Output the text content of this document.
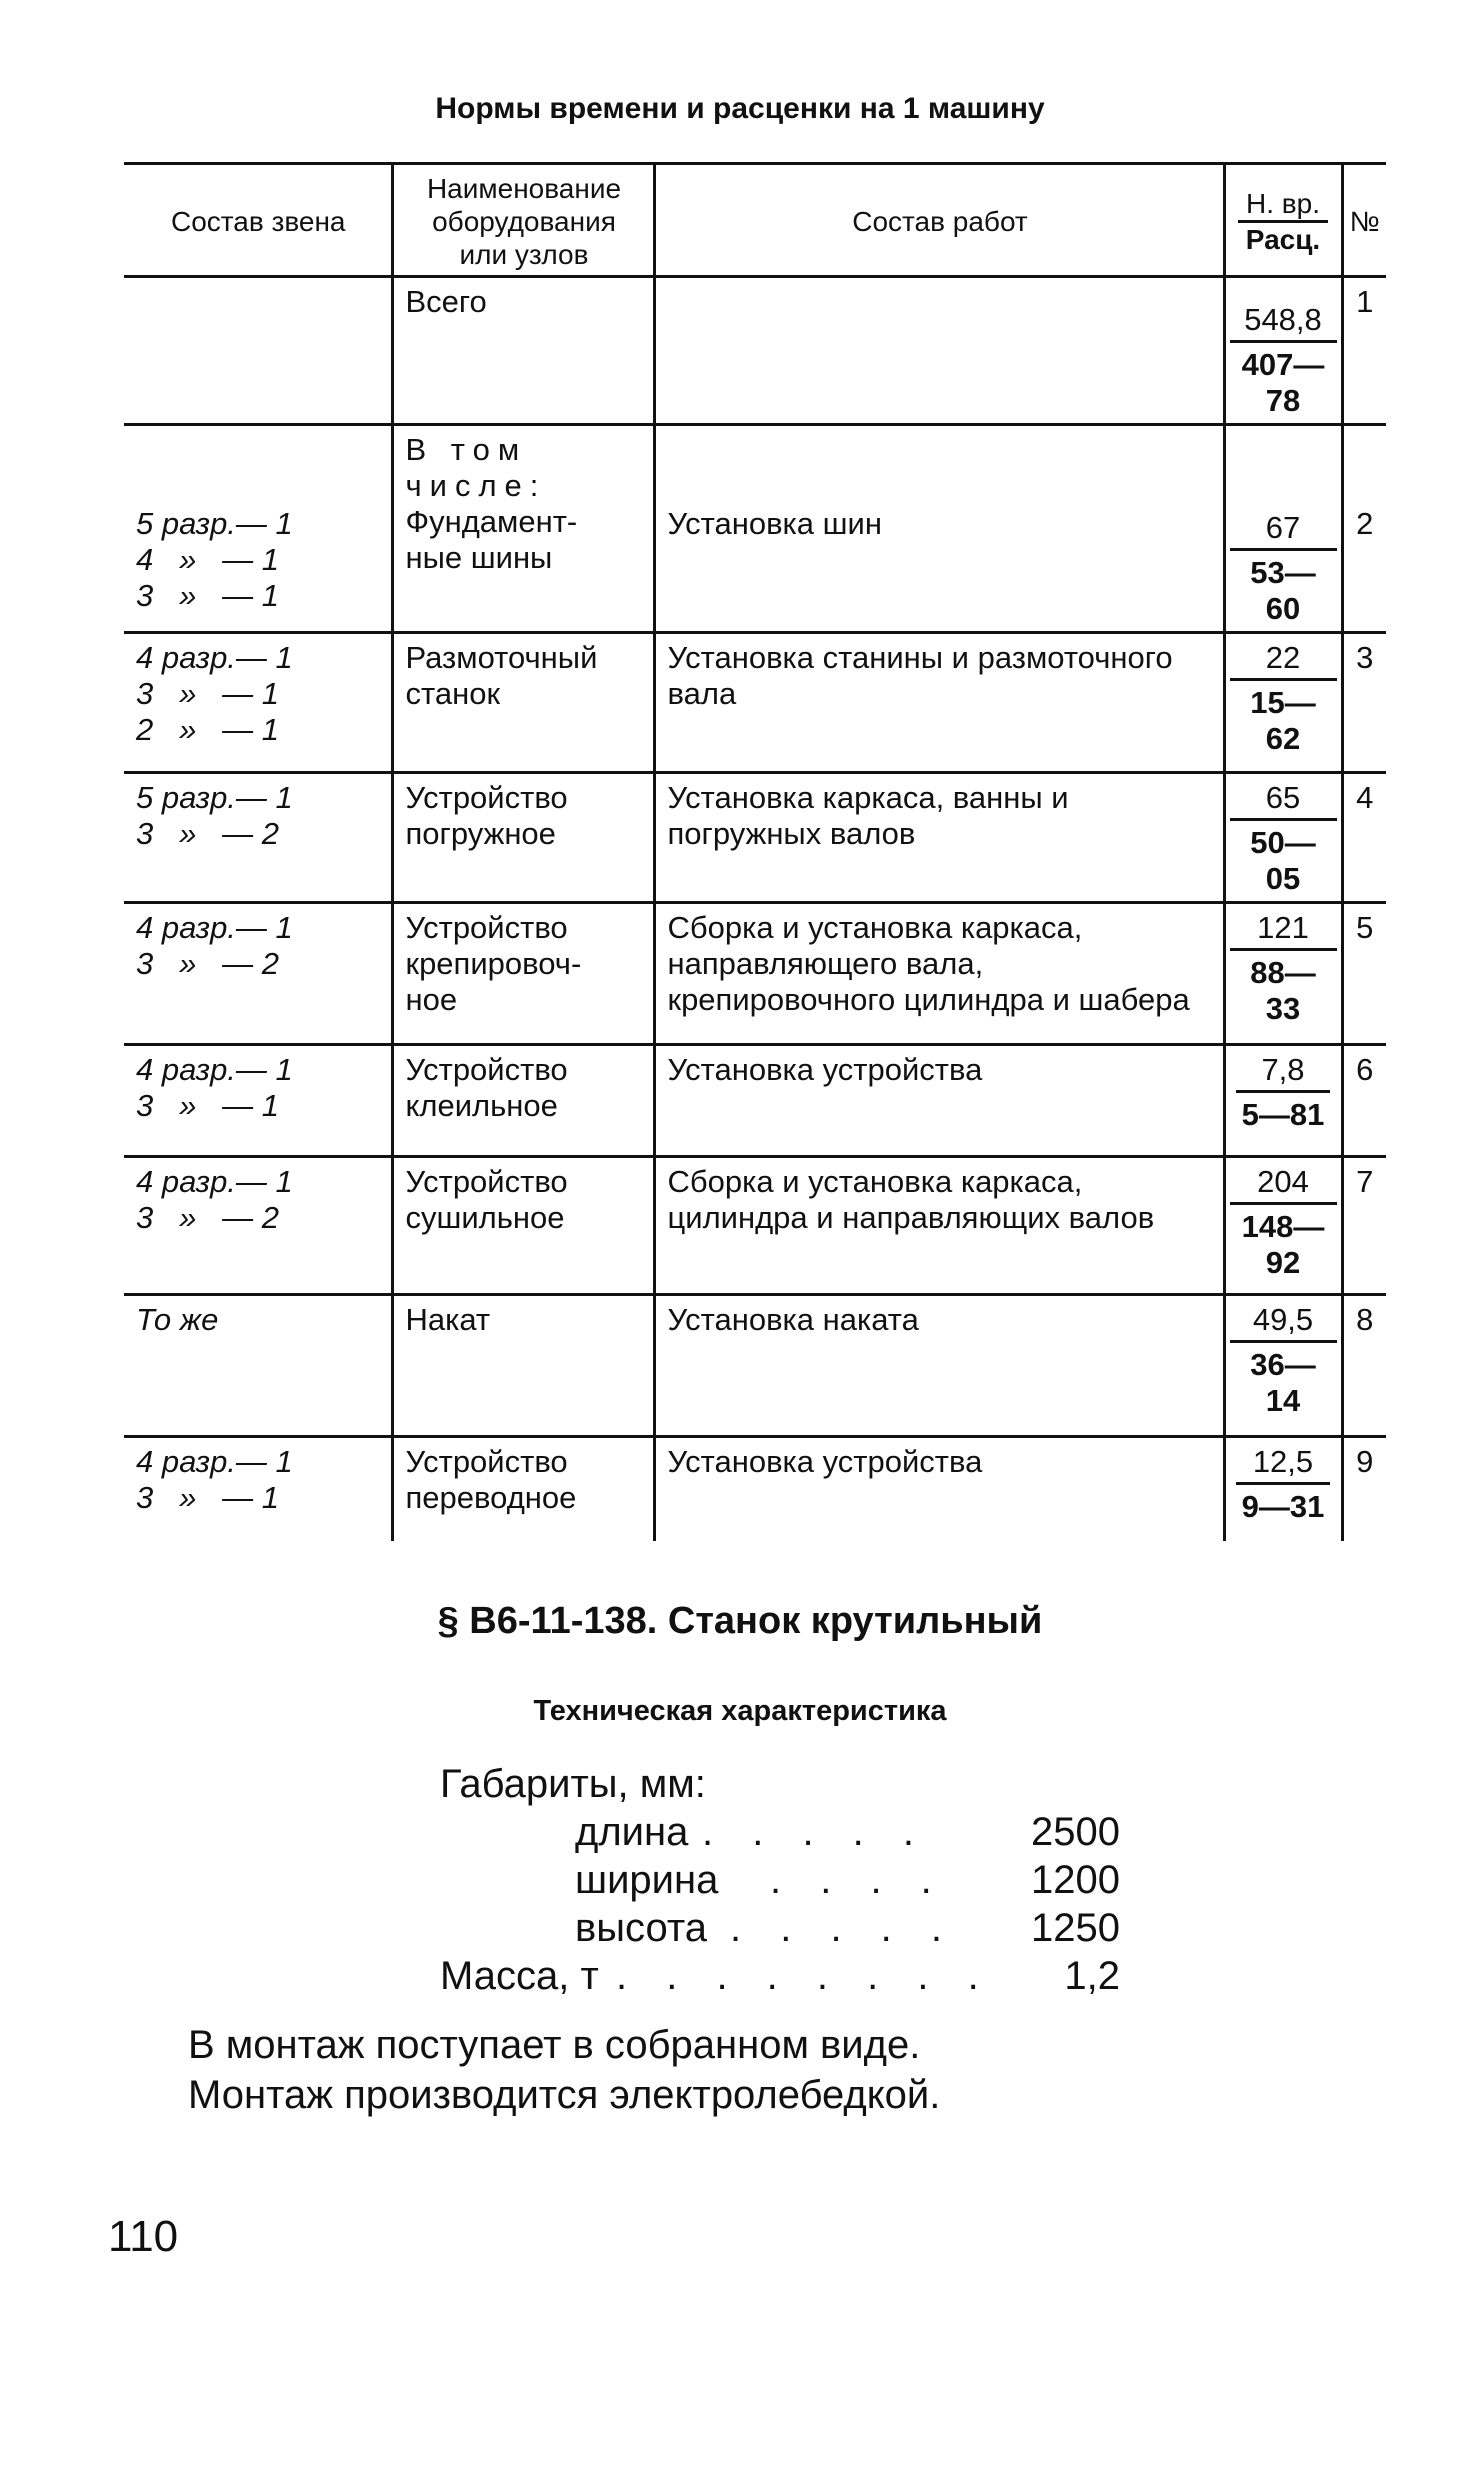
Нормы времени и расценки на 1 машину
Состав звена	Наименование
оборудования
или узлов	Состав работ	$\frac{Н. вр.}{\text{Расц.}}$	№
	Всего		$\frac{548,8}{407—78}$	1
5 разр.— 1
4   »   — 1
3   »   — 1	В том
числе:
Фундамент-
ные шины	Установка шин	$\frac{67}{53—60}$	2
4 разр.— 1
3   »   — 1
2   »   — 1	Размоточный
станок	Установка станины и размоточного вала	$\frac{22}{15—62}$	3
5 разр.— 1
3   »   — 2	Устройство
погружное	Установка каркаса, ванны и погружных валов	$\frac{65}{50—05}$	4
4 разр.— 1
3   »   — 2	Устройство
крепировоч-
ное	Сборка и установка каркаса, направляющего вала, крепировочного цилиндра и шабера	$\frac{121}{88—33}$	5
4 разр.— 1
3   »   — 1	Устройство
клеильное	Установка устройства	$\frac{7,8}{5—81}$	6
4 разр.— 1
3   »   — 2	Устройство
сушильное	Сборка и установка каркаса, цилиндра и направляющих валов	$\frac{204}{148—92}$	7
То же	Накат	Установка наката	$\frac{49,5}{36—14}$	8
4 разр.— 1
3   »   — 1	Устройство
переводное	Установка устройства	$\frac{12,5}{9—31}$	9
§ В6-11-138. Станок крутильный
Техническая характеристика
Габариты, мм:
длина . . . . .	2500
ширина . . . . 1200
высота . . . . . 1250
Масса, т . . . . . . . . 1,2
В монтаж поступает в собранном виде.
Монтаж производится электролебедкой.
110
